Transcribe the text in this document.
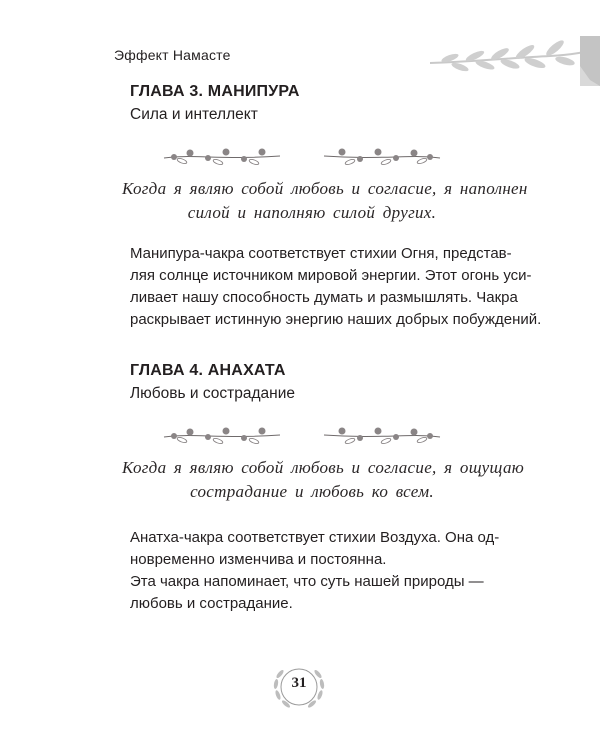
Эффект Намасте
ГЛАВА 3. МАНИПУРА
Сила и интеллект
Когда я являю собой любовь и согласие, я наполнен
силой и наполняю силой других.
Манипура-чакра соответствует стихии Огня, представ-
ляя солнце источником мировой энергии. Этот огонь уси-
ливает нашу способность думать и размышлять. Чакра
раскрывает истинную энергию наших добрых побуждений.
ГЛАВА 4. АНАХАТА
Любовь и сострадание
Когда я являю собой любовь и согласие, я ощущаю
сострадание и любовь ко всем.
Анатха-чакра соответствует стихии Воздуха. Она од-
новременно изменчива и постоянна.
Эта чакра напоминает, что суть нашей природы —
любовь и сострадание.
31
